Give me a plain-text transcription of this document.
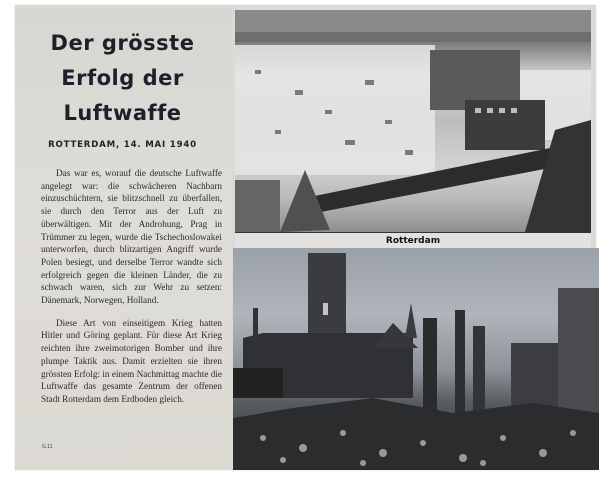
Der grösste
Erfolg der
Luftwaffe
ROTTERDAM, 14. MAI 1940

Das war es, worauf die deutsche Luftwaffe angelegt war: die schwächeren Nachbarn einzuschüchtern, sie blitzschnell zu überfallen, sie durch den Terror aus der Luft zu überwältigen. Mit der Androhung, Prag in Trümmer zu legen, wurde die Tschechoslowakei unterworfen, durch blitzartigen Angriff wurde Polen besiegt, und derselbe Terror wandte sich erfolgreich gegen die kleinen Länder, die zu schwach waren, sich zur Wehr zu setzen: Dänemark, Norwegen, Holland.

Diese Art von einseitigem Krieg hatten Hitler und Göring geplant. Für diese Art Krieg reichten ihre zweimotorigen Bomber und ihre plumpe Taktik aus. Damit erzielten sie ihren grössten Erfolg: in einem Nachmittag machte die Luftwaffe das gesamte Zentrum der offenen Stadt Rotterdam dem Erdboden gleich.

G.11
Rotterdam
